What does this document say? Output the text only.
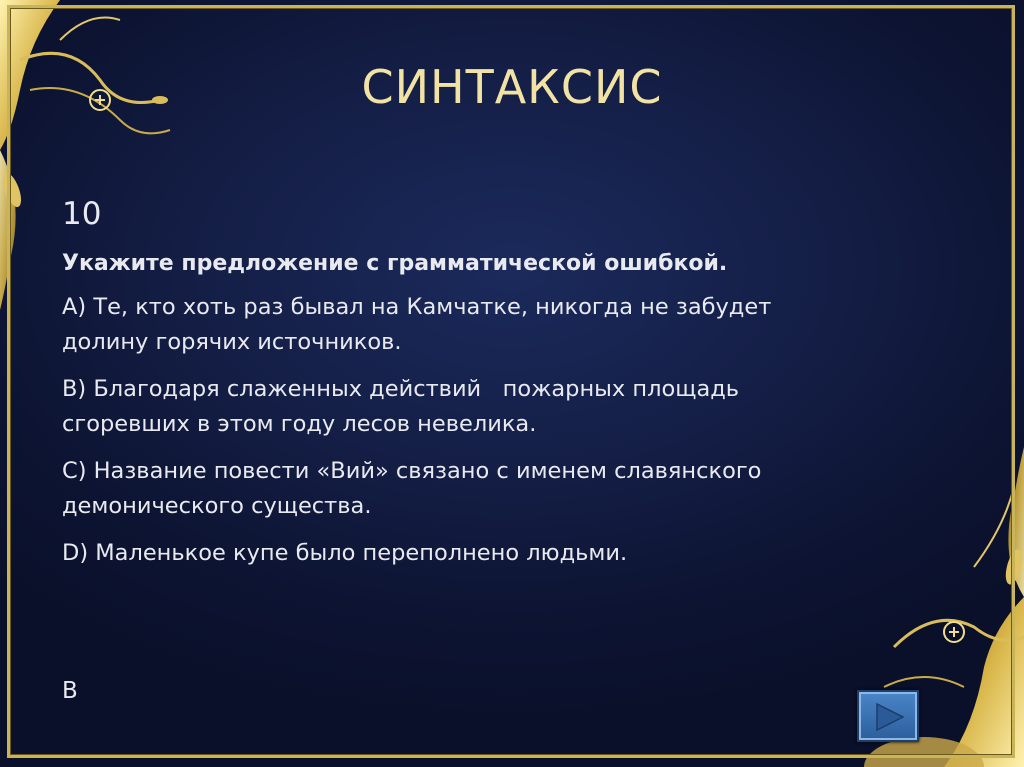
СИНТАКСИС
10
Укажите предложение с грамматической ошибкой.
А) Те, кто хоть раз бывал на Камчатке, никогда не забудет
долину горячих источников.
В) Благодаря слаженных действий   пожарных площадь
сгоревших в этом году лесов невелика.
С) Название повести «Вий» связано с именем славянского
демонического существа.
D) Маленькое купе было переполнено людьми.
В
